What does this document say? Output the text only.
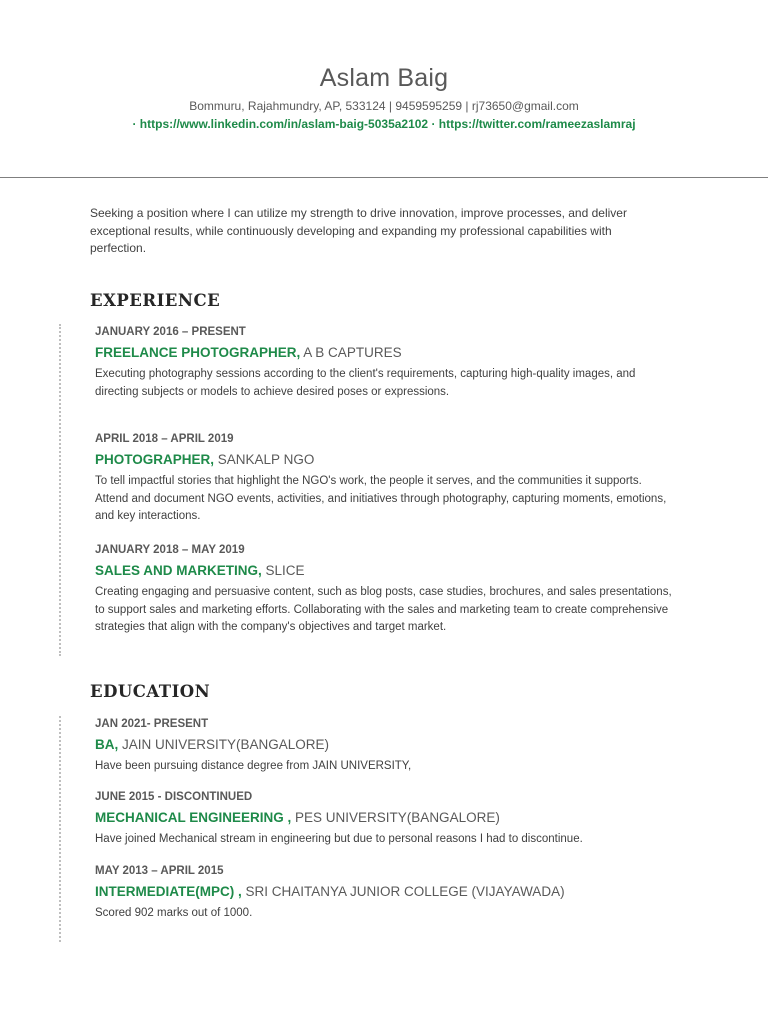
Aslam Baig
Bommuru, Rajahmundry, AP, 533124 | 9459595259 | rj73650@gmail.com
· https://www.linkedin.com/in/aslam-baig-5035a2102 · https://twitter.com/rameezaslamraj
Seeking a position where I can utilize my strength to drive innovation, improve processes, and deliver exceptional results, while continuously developing and expanding my professional capabilities with perfection.
EXPERIENCE
JANUARY 2016 – PRESENT
FREELANCE PHOTOGRAPHER, A B CAPTURES
Executing photography sessions according to the client's requirements, capturing high-quality images, and directing subjects or models to achieve desired poses or expressions.
APRIL 2018 – APRIL 2019
PHOTOGRAPHER, SANKALP NGO
To tell impactful stories that highlight the NGO's work, the people it serves, and the communities it supports. Attend and document NGO events, activities, and initiatives through photography, capturing moments, emotions, and key interactions.
JANUARY 2018 – MAY 2019
SALES AND MARKETING, SLICE
Creating engaging and persuasive content, such as blog posts, case studies, brochures, and sales presentations, to support sales and marketing efforts. Collaborating with the sales and marketing team to create comprehensive strategies that align with the company's objectives and target market.
EDUCATION
JAN 2021- PRESENT
BA, JAIN UNIVERSITY(BANGALORE)
Have been pursuing distance degree from JAIN UNIVERSITY,
JUNE 2015 - DISCONTINUED
MECHANICAL ENGINEERING , PES UNIVERSITY(BANGALORE)
Have joined Mechanical stream in engineering but due to personal reasons I had to discontinue.
MAY 2013 – APRIL 2015
INTERMEDIATE(MPC) , SRI CHAITANYA JUNIOR COLLEGE (VIJAYAWADA)
Scored 902 marks out of 1000.
